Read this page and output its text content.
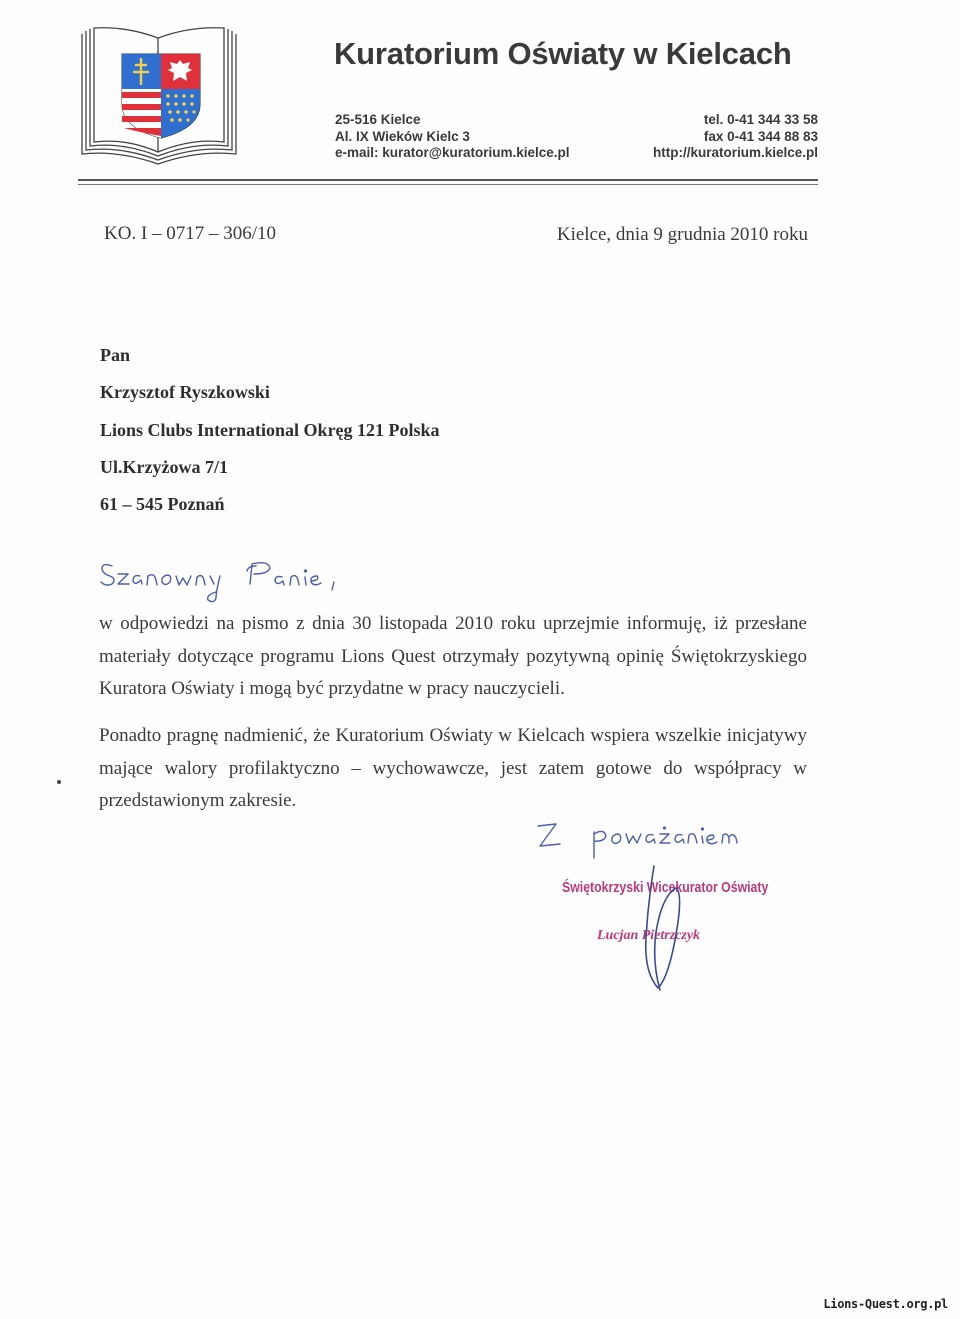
Kuratorium Oświaty w Kielcach
25-516 Kielce
Al. IX Wieków Kielc 3
e-mail: kurator@kuratorium.kielce.pl
tel. 0-41 344 33 58
fax 0-41 344 88 83
http://kuratorium.kielce.pl
KO. I – 0717 – 306/10	Kielce, dnia 9 grudnia 2010 roku
Pan
Krzysztof Ryszkowski
Lions Clubs International Okręg 121 Polska
Ul.Krzyżowa 7/1
61 – 545 Poznań
w odpowiedzi na pismo z dnia 30 listopada 2010 roku uprzejmie informuję, iż przesłane materiały dotyczące programu Lions Quest otrzymały pozytywną opinię Świętokrzyskiego Kuratora Oświaty i mogą być przydatne w pracy nauczycieli.
Ponadto pragnę nadmienić, że Kuratorium Oświaty w Kielcach wspiera wszelkie inicjatywy mające walory profilaktyczno – wychowawcze, jest zatem gotowe do współpracy w przedstawionym zakresie.
Świętokrzyski Wicekurator Oświaty
Lucjan Pietrzczyk
Lions-Quest.org.pl
